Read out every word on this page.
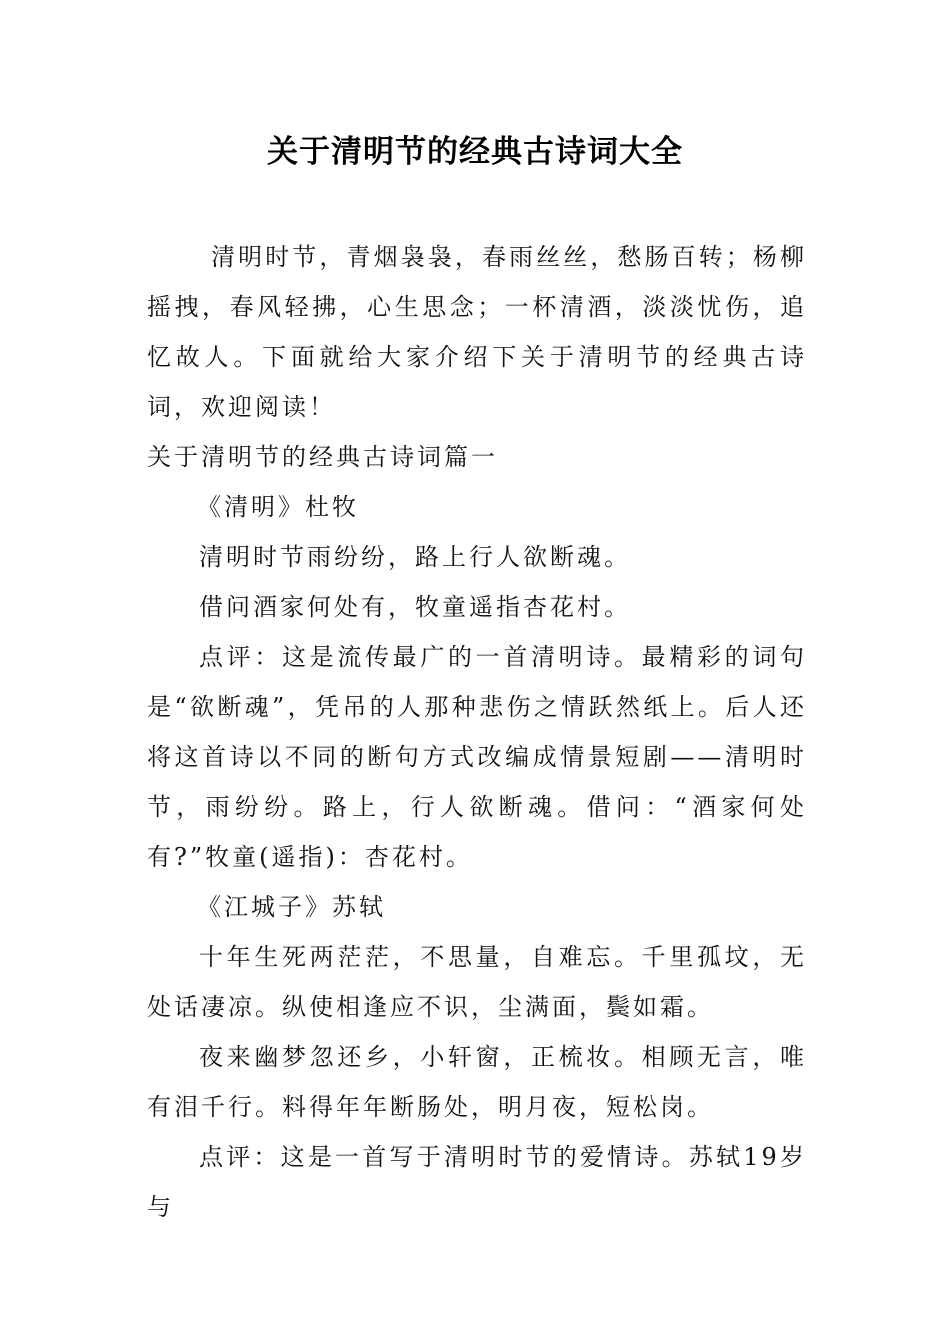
关于清明节的经典古诗词大全

清明时节，青烟袅袅，春雨丝丝，愁肠百转；杨柳摇拽，春风轻拂，心生思念；一杯清酒，淡淡忧伤，追忆故人。下面就给大家介绍下关于清明节的经典古诗词，欢迎阅读！

关于清明节的经典古诗词篇一

《清明》杜牧

清明时节雨纷纷，路上行人欲断魂。

借问酒家何处有，牧童遥指杏花村。

点评：这是流传最广的一首清明诗。最精彩的词句是“欲断魂”，凭吊的人那种悲伤之情跃然纸上。后人还将这首诗以不同的断句方式改编成情景短剧——清明时节，雨纷纷。路上，行人欲断魂。借问：“酒家何处有?”牧童(遥指)：杏花村。

《江城子》苏轼

十年生死两茫茫，不思量，自难忘。千里孤坟，无处话凄凉。纵使相逢应不识，尘满面，鬓如霜。

夜来幽梦忽还乡，小轩窗，正梳妆。相顾无言，唯有泪千行。料得年年断肠处，明月夜，短松岗。

点评：这是一首写于清明时节的爱情诗。苏轼19岁与
